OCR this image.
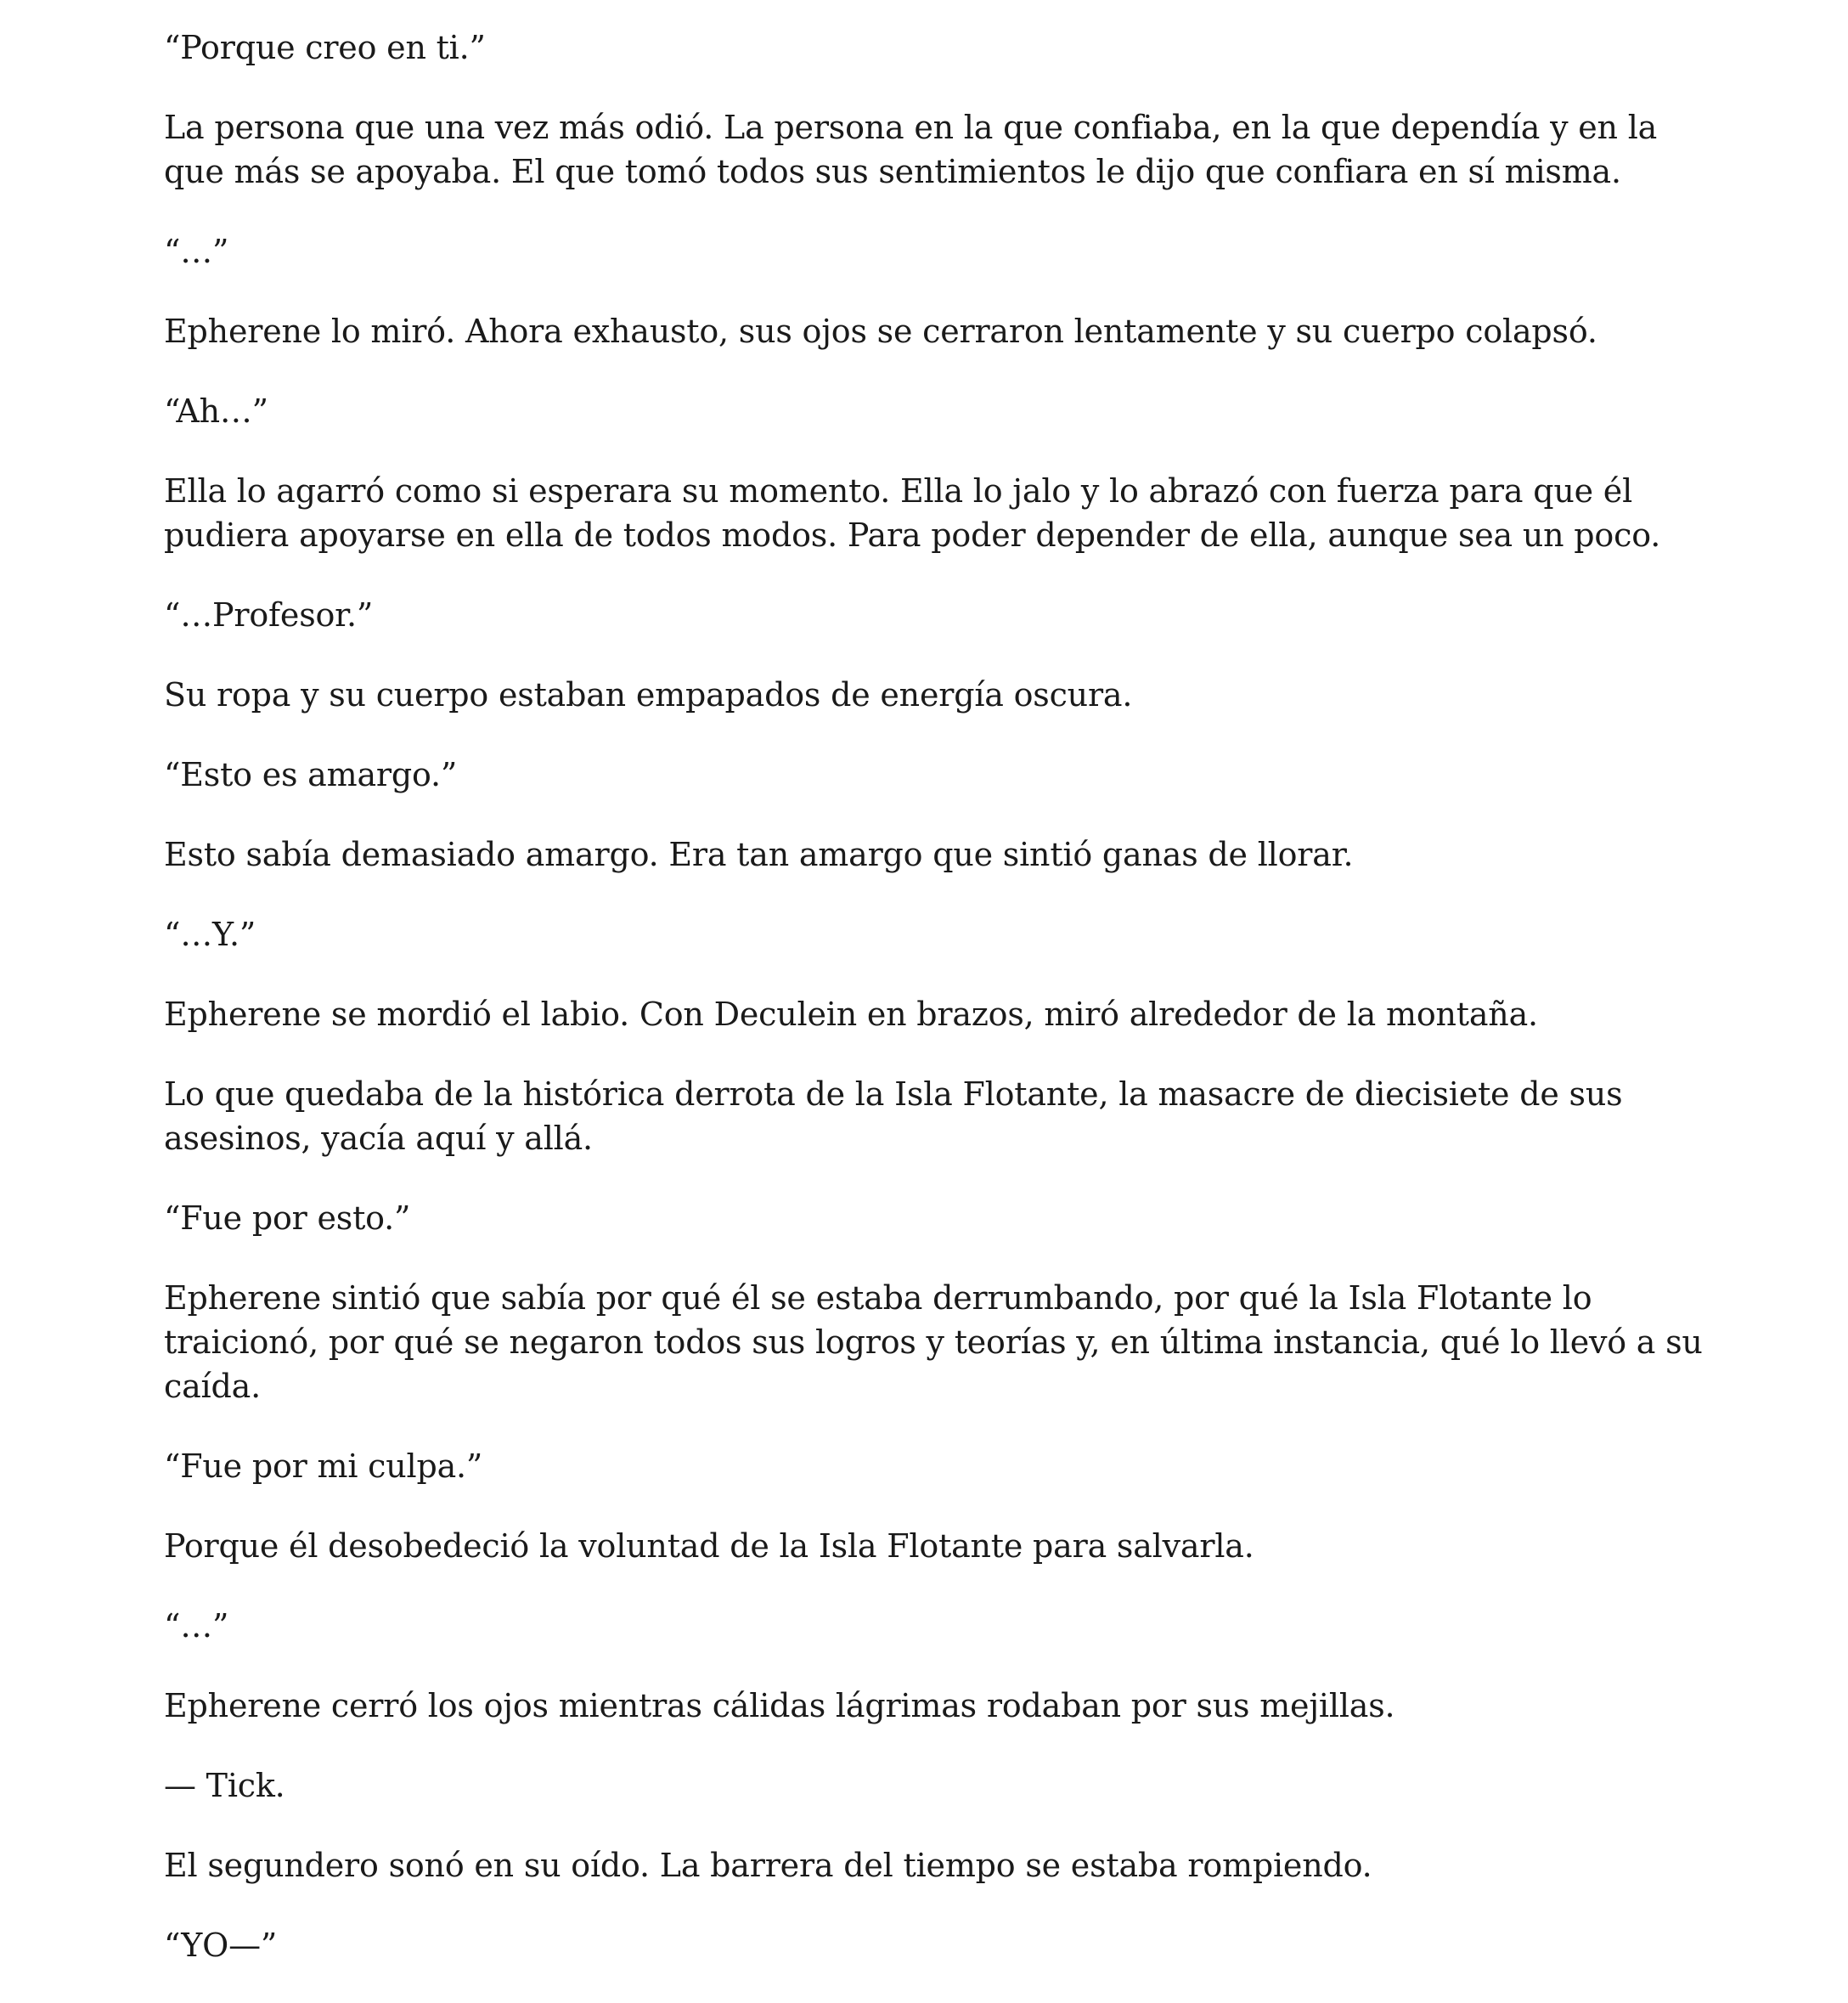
“Porque creo en ti.”

La persona que una vez más odió. La persona en la que confiaba, en la que dependía y en la que más se apoyaba. El que tomó todos sus sentimientos le dijo que confiara en sí misma.

“…”

Epherene lo miró. Ahora exhausto, sus ojos se cerraron lentamente y su cuerpo colapsó.

“Ah…”

Ella lo agarró como si esperara su momento. Ella lo jalo y lo abrazó con fuerza para que él pudiera apoyarse en ella de todos modos. Para poder depender de ella, aunque sea un poco.

“…Profesor.”

Su ropa y su cuerpo estaban empapados de energía oscura.

“Esto es amargo.”

Esto sabía demasiado amargo. Era tan amargo que sintió ganas de llorar.

“…Y.”

Epherene se mordió el labio. Con Deculein en brazos, miró alrededor de la montaña.

Lo que quedaba de la histórica derrota de la Isla Flotante, la masacre de diecisiete de sus asesinos, yacía aquí y allá.

“Fue por esto.”

Epherene sintió que sabía por qué él se estaba derrumbando, por qué la Isla Flotante lo traicionó, por qué se negaron todos sus logros y teorías y, en última instancia, qué lo llevó a su caída.

“Fue por mi culpa.”

Porque él desobedeció la voluntad de la Isla Flotante para salvarla.

“…”

Epherene cerró los ojos mientras cálidas lágrimas rodaban por sus mejillas.

— Tick.

El segundero sonó en su oído. La barrera del tiempo se estaba rompiendo.

“YO—”
